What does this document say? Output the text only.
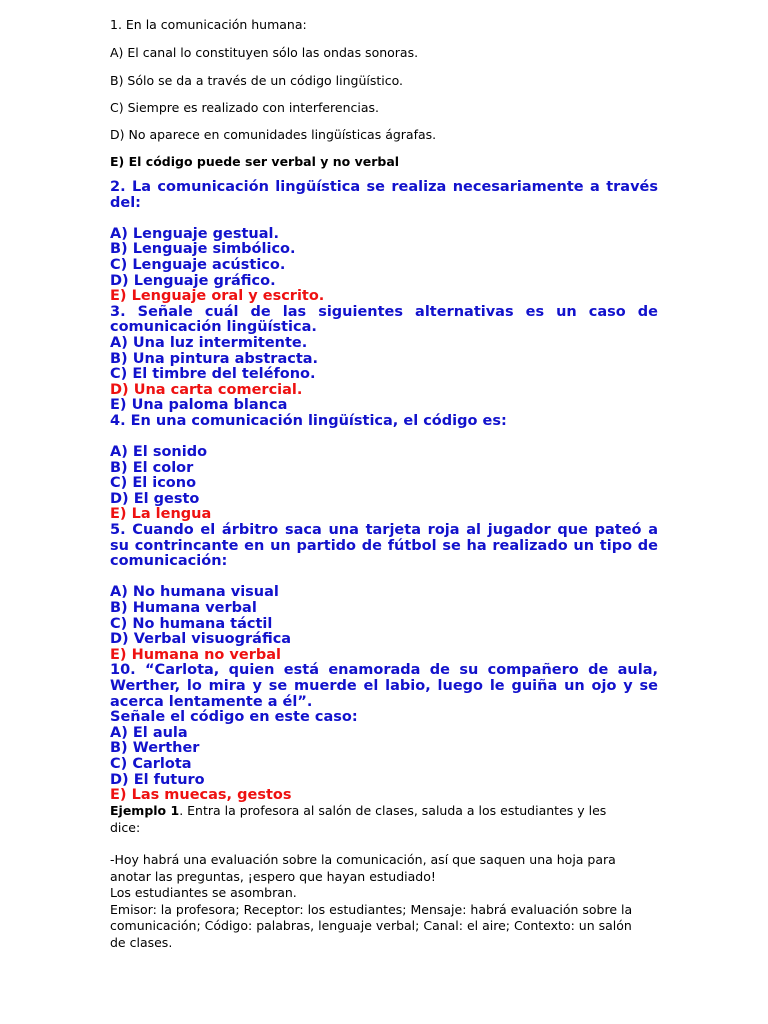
1. En la comunicación humana:
A) El canal lo constituyen sólo las ondas sonoras.
B) Sólo se da a través de un código lingüístico.
C) Siempre es realizado con interferencias.
D) No aparece en comunidades lingüísticas ágrafas.
E) El código puede ser verbal y no verbal

2. La comunicación lingüística se realiza necesariamente a través del:

A) Lenguaje gestual.

B) Lenguaje simbólico.

C) Lenguaje acústico.

D) Lenguaje gráfico.

E) Lenguaje oral y escrito.

3. Señale cuál de las siguientes alternativas es un caso de comunicación lingüística.

A) Una luz intermitente.

B) Una pintura abstracta.

C) El timbre del teléfono.

D) Una carta comercial.

E) Una paloma blanca

4. En una comunicación lingüística, el código es:

A) El sonido

B) El color

C) El icono

D) El gesto

E) La lengua

5. Cuando el árbitro saca una tarjeta roja al jugador que pateó a su contrincante en un partido de fútbol se ha realizado un tipo de comunicación:

A) No humana visual

B) Humana verbal

C) No humana táctil

D) Verbal visuográfica

E) Humana no verbal

10. “Carlota, quien está enamorada de su compañero de aula, Werther, lo mira y se muerde el labio, luego le guiña un ojo y se acerca lentamente a él”.

Señale el código en este caso:

A) El aula

B) Werther

C) Carlota

D) El futuro

E) Las muecas, gestos

Ejemplo 1. Entra la profesora al salón de clases, saluda a los estudiantes y les dice:
-Hoy habrá una evaluación sobre la comunicación, así que saquen una hoja para anotar las preguntas, ¡espero que hayan estudiado!
Los estudiantes se asombran.
Emisor: la profesora; Receptor: los estudiantes; Mensaje: habrá evaluación sobre la comunicación; Código: palabras, lenguaje verbal; Canal: el aire; Contexto: un salón de clases.
